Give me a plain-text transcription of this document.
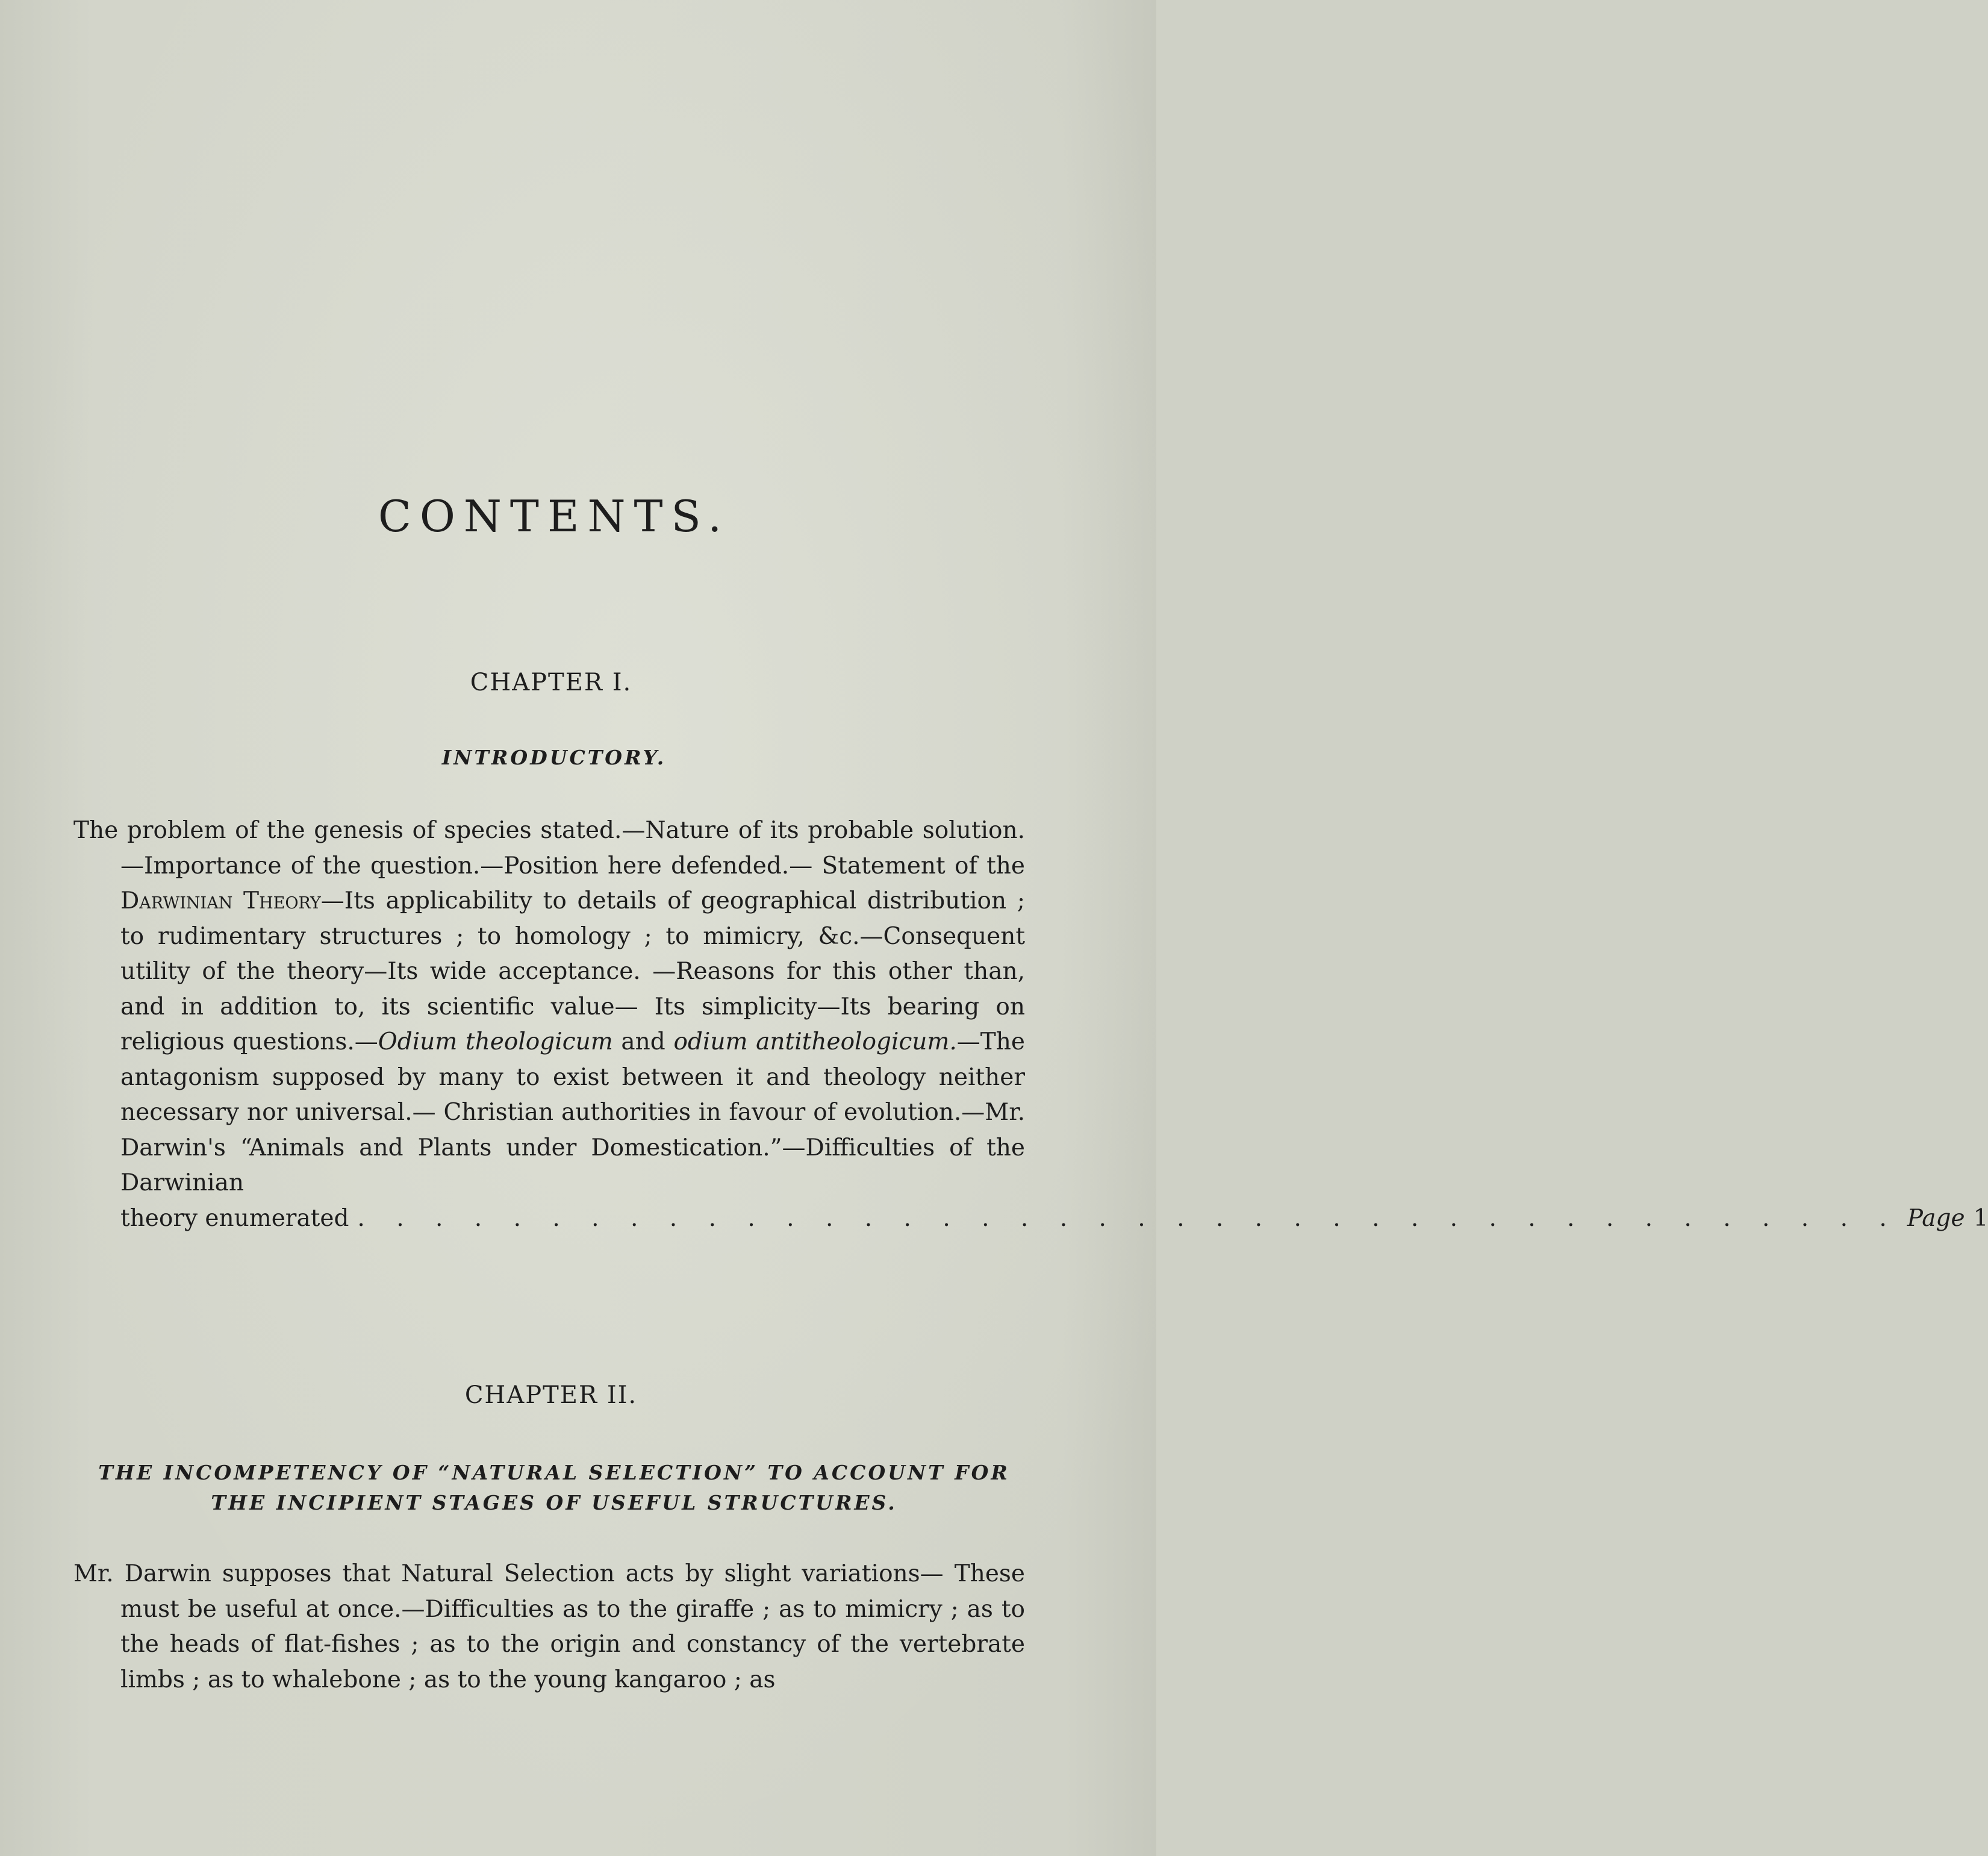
CONTENTS.
CHAPTER I.
INTRODUCTORY.
The problem of the genesis of species stated.—Nature of its probable solution.—Importance of the question.—Position here defended.— Statement of the Darwinian Theory—Its applicability to details of geographical distribution ; to rudimentary structures ; to homology ; to mimicry, &c.—Consequent utility of the theory—Its wide acceptance. —Reasons for this other than, and in addition to, its scientific value— Its simplicity—Its bearing on religious questions.—Odium theologicum and odium antitheologicum.—The antagonism supposed by many to exist between it and theology neither necessary nor universal.— Christian authorities in favour of evolution.—Mr. Darwin's “Animals and Plants under Domestication.”—Difficulties of the Darwinian
theory enumerated . . . . . . . . . . . . . . . . . . . . . . . . . . . . . . . . . . . . . . . . Page 1
CHAPTER II.
THE INCOMPETENCY OF “NATURAL SELECTION” TO ACCOUNT FOR THE INCIPIENT STAGES OF USEFUL STRUCTURES.
Mr. Darwin supposes that Natural Selection acts by slight variations— These must be useful at once.—Difficulties as to the giraffe ; as to mimicry ; as to the heads of flat-fishes ; as to the origin and constancy of the vertebrate limbs ; as to whalebone ; as to the young kangaroo ; as
